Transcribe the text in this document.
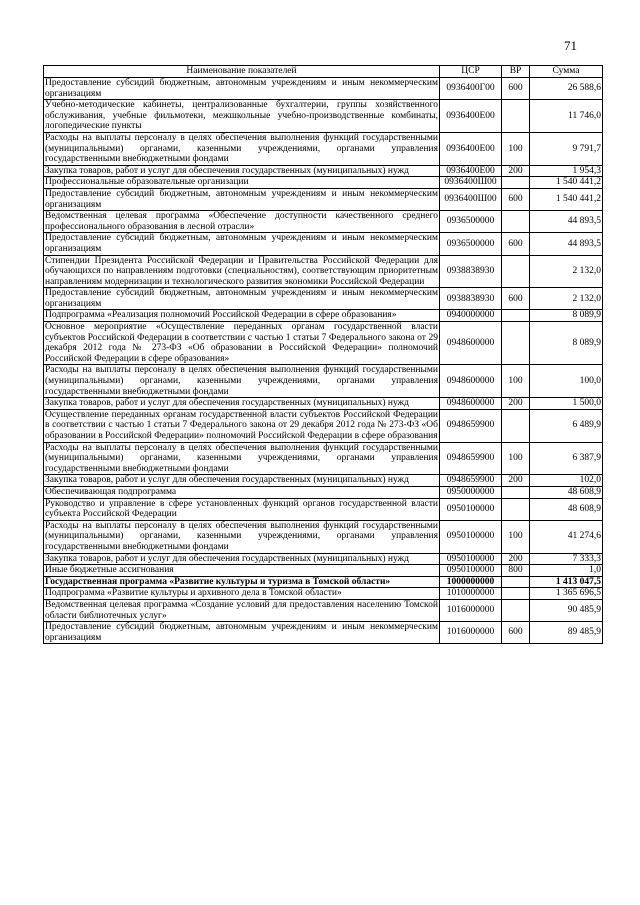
71
Наименование показателей	ЦСР	ВР	Сумма
Предоставление субсидий бюджетным, автономным учреждениям и иным некоммерческим организациям	0936400Г00	600	26 588,6
Учебно-методические кабинеты, централизованные бухгалтерии, группы хозяйственного обслуживания, учебные фильмотеки, межшкольные учебно-производственные комбинаты, логопедические пункты	0936400Е00		11 746,0
Расходы на выплаты персоналу в целях обеспечения выполнения функций государственными (муниципальными) органами, казенными учреждениями, органами управления государственными внебюджетными фондами	0936400Е00	100	9 791,7
Закупка товаров, работ и услуг для обеспечения государственных (муниципальных) нужд	0936400Е00	200	1 954,3
Профессиональные образовательные организации	0936400Ш00		1 540 441,2
Предоставление субсидий бюджетным, автономным учреждениям и иным некоммерческим организациям	0936400Ш00	600	1 540 441,2
Ведомственная целевая программа «Обеспечение доступности качественного среднего профессионального образования в лесной отрасли»	0936500000		44 893,5
Предоставление субсидий бюджетным, автономным учреждениям и иным некоммерческим организациям	0936500000	600	44 893,5
Стипендии Президента Российской Федерации и Правительства Российской Федерации для обучающихся по направлениям подготовки (специальностям), соответствующим приоритетным направлениям модернизации и технологического развития экономики Российской Федерации	0938838930		2 132,0
Предоставление субсидий бюджетным, автономным учреждениям и иным некоммерческим организациям	0938838930	600	2 132,0
Подпрограмма «Реализация полномочий Российской Федерации в сфере образования»	0940000000		8 089,9
Основное мероприятие «Осуществление переданных органам государственной власти субъектов Российской Федерации в соответствии с частью 1 статьи 7 Федерального закона от 29 декабря 2012 года № 273-ФЗ «Об образовании в Российской Федерации» полномочий Российской Федерации в сфере образования»	0948600000		8 089,9
Расходы на выплаты персоналу в целях обеспечения выполнения функций государственными (муниципальными) органами, казенными учреждениями, органами управления государственными внебюджетными фондами	0948600000	100	100,0
Закупка товаров, работ и услуг для обеспечения государственных (муниципальных) нужд	0948600000	200	1 500,0
Осуществление переданных органам государственной власти субъектов Российской Федерации в соответствии с частью 1 статьи 7 Федерального закона от 29 декабря 2012 года № 273-ФЗ «Об образовании в Российской Федерации» полномочий Российской Федерации в сфере образования	0948659900		6 489,9
Расходы на выплаты персоналу в целях обеспечения выполнения функций государственными (муниципальными) органами, казенными учреждениями, органами управления государственными внебюджетными фондами	0948659900	100	6 387,9
Закупка товаров, работ и услуг для обеспечения государственных (муниципальных) нужд	0948659900	200	102,0
Обеспечивающая подпрограмма	0950000000		48 608,9
Руководство и управление в сфере установленных функций органов государственной власти субъекта Российской Федерации	0950100000		48 608,9
Расходы на выплаты персоналу в целях обеспечения выполнения функций государственными (муниципальными) органами, казенными учреждениями, органами управления государственными внебюджетными фондами	0950100000	100	41 274,6
Закупка товаров, работ и услуг для обеспечения государственных (муниципальных) нужд	0950100000	200	7 333,3
Иные бюджетные ассигнования	0950100000	800	1,0
Государственная программа «Развитие культуры и туризма в Томской области»	1000000000		1 413 047,5
Подпрограмма «Развитие культуры и архивного дела в Томской области»	1010000000		1 365 696,5
Ведомственная целевая программа «Создание условий для предоставления населению Томской области библиотечных услуг»	1016000000		90 485,9
Предоставление субсидий бюджетным, автономным учреждениям и иным некоммерческим организациям	1016000000	600	89 485,9
